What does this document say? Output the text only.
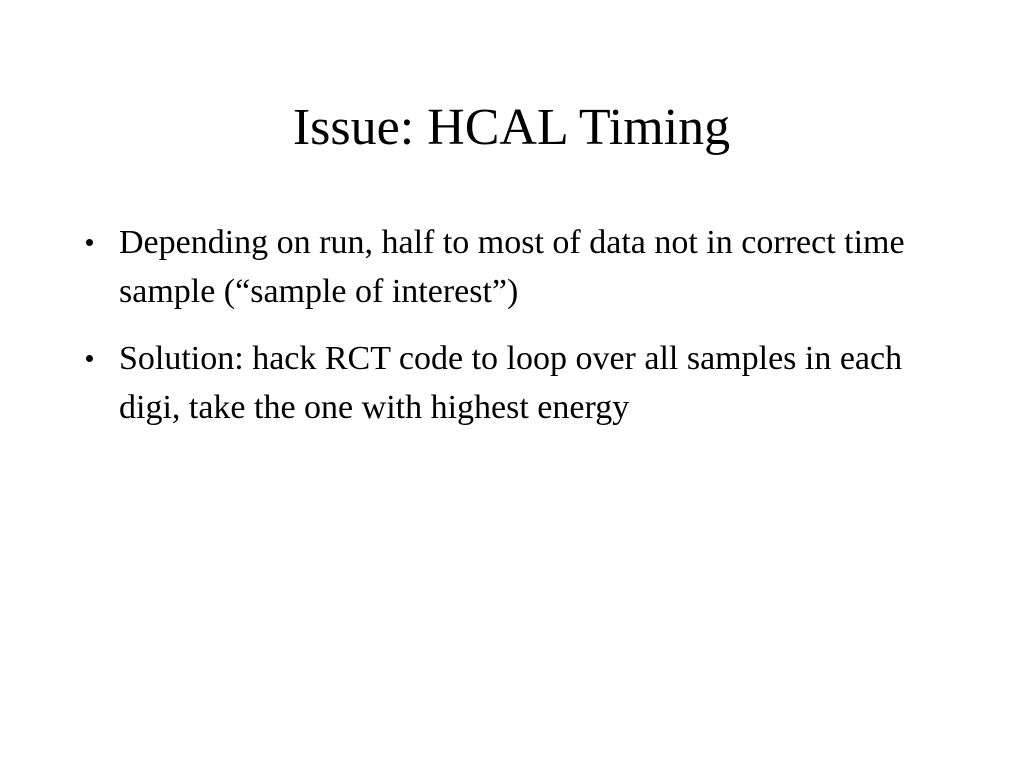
Issue: HCAL Timing
Depending on run, half to most of data not in correct time sample (“sample of interest”)
Solution: hack RCT code to loop over all samples in each digi, take the one with highest energy
